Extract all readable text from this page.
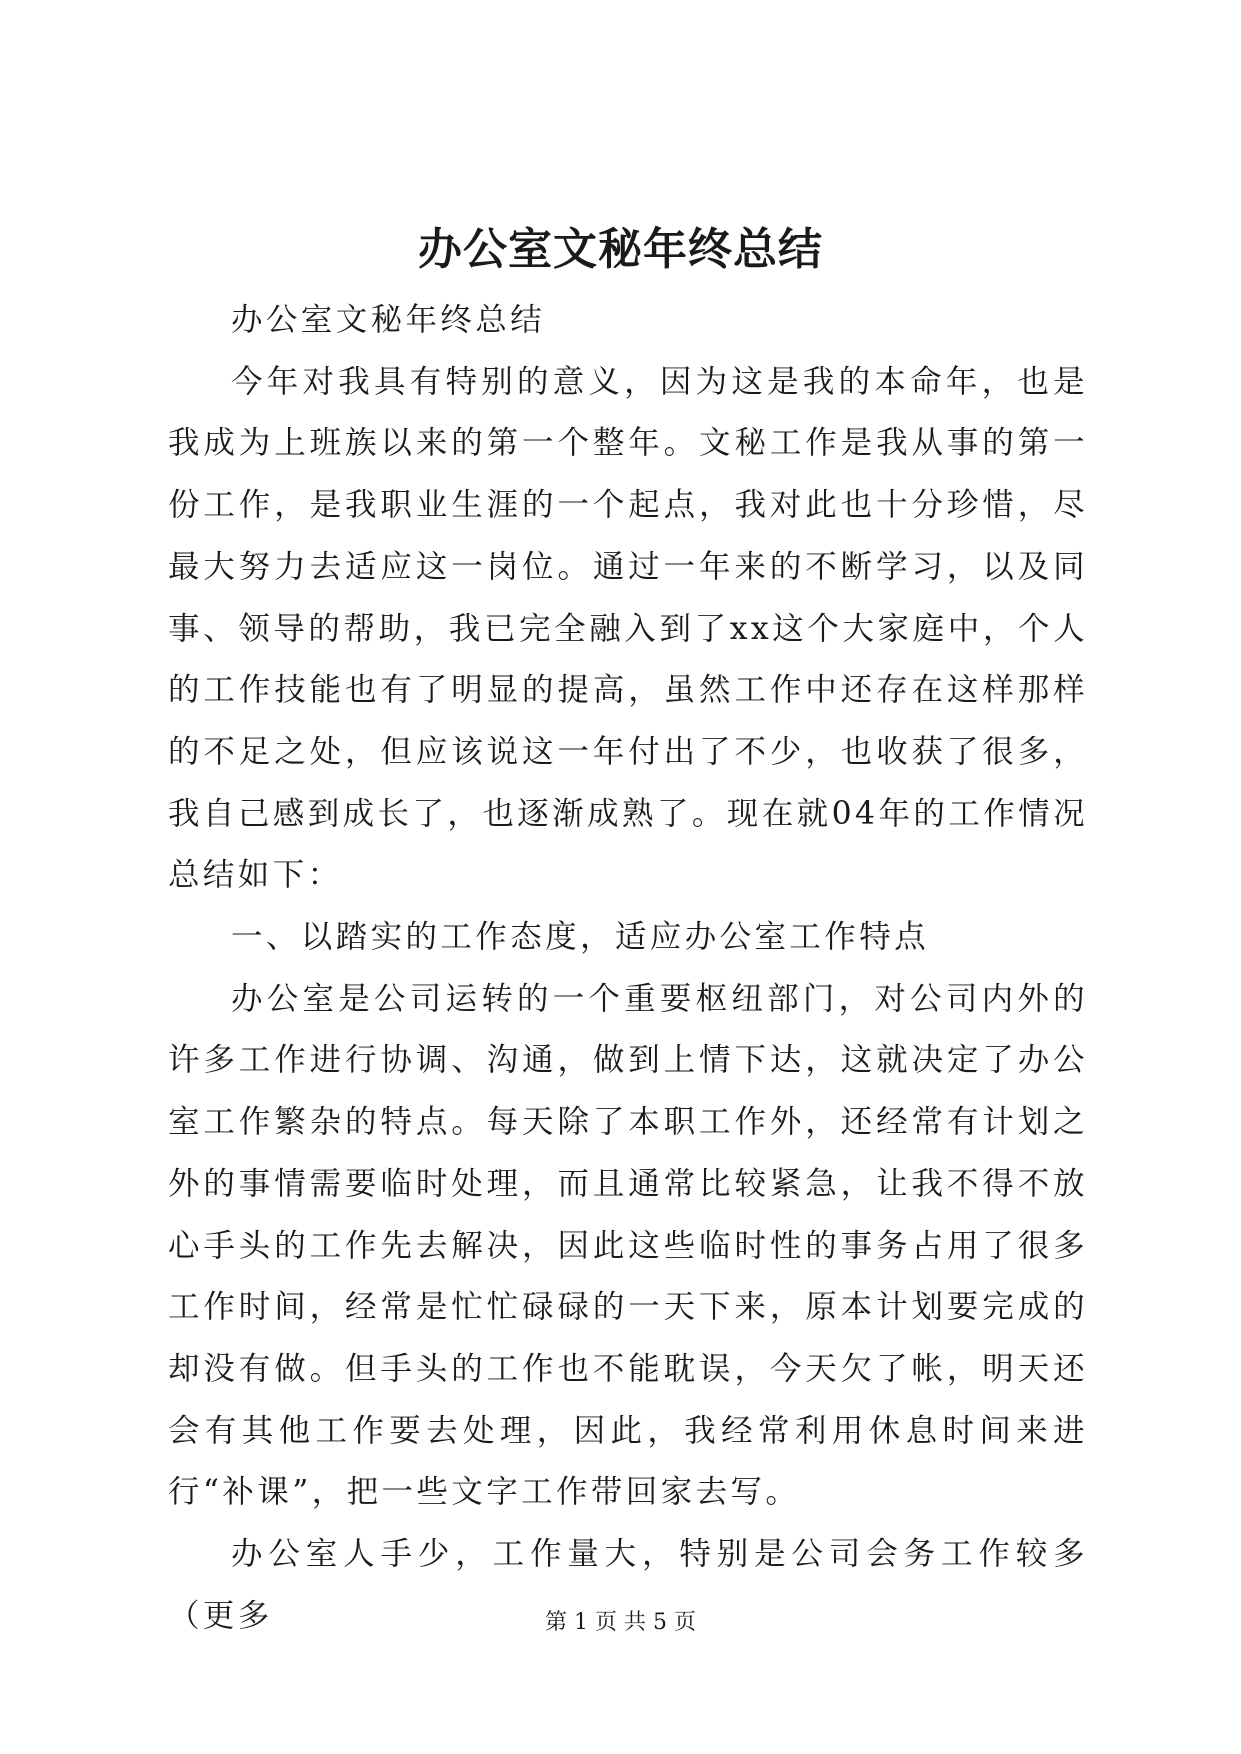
办公室文秘年终总结

办公室文秘年终总结

今年对我具有特别的意义，因为这是我的本命年，也是我成为上班族以来的第一个整年。文秘工作是我从事的第一份工作，是我职业生涯的一个起点，我对此也十分珍惜，尽最大努力去适应这一岗位。通过一年来的不断学习，以及同事、领导的帮助，我已完全融入到了xx这个大家庭中，个人的工作技能也有了明显的提高，虽然工作中还存在这样那样的不足之处，但应该说这一年付出了不少，也收获了很多，我自己感到成长了，也逐渐成熟了。现在就04年的工作情况总结如下：

一、以踏实的工作态度，适应办公室工作特点

办公室是公司运转的一个重要枢纽部门，对公司内外的许多工作进行协调、沟通，做到上情下达，这就决定了办公室工作繁杂的特点。每天除了本职工作外，还经常有计划之外的事情需要临时处理，而且通常比较紧急，让我不得不放心手头的工作先去解决，因此这些临时性的事务占用了很多工作时间，经常是忙忙碌碌的一天下来，原本计划要完成的却没有做。但手头的工作也不能耽误，今天欠了帐，明天还会有其他工作要去处理，因此，我经常利用休息时间来进行“补课”，把一些文字工作带回家去写。

办公室人手少，工作量大，特别是公司会务工作较多（更多	第 1 页 共 5 页
